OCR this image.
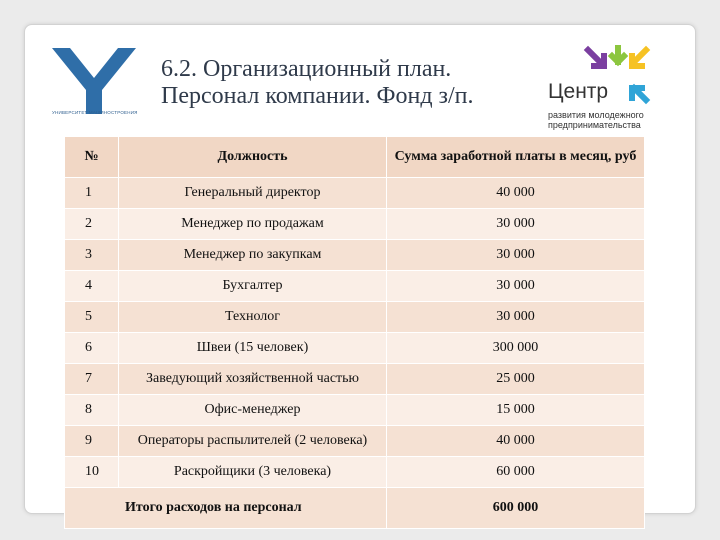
УНИВЕРСИТЕТ МАШИНОСТРОЕНИЯ
6.2. Организационный план.
Персонал компании. Фонд з/п.	Центр
развития молодежного предпринимательства
№	Должность	Сумма заработной платы в месяц, руб
1	Генеральный директор	40 000
2	Менеджер по продажам	30 000
3	Менеджер по закупкам	30 000
4	Бухгалтер	30 000
5	Технолог	30 000
6	Швеи (15 человек)	300 000
7	Заведующий хозяйственной частью	25 000
8	Офис-менеджер	15 000
9	Операторы распылителей (2 человека)	40 000
10	Раскройщики (3 человека)	60 000
Итого расходов на персонал		600 000
